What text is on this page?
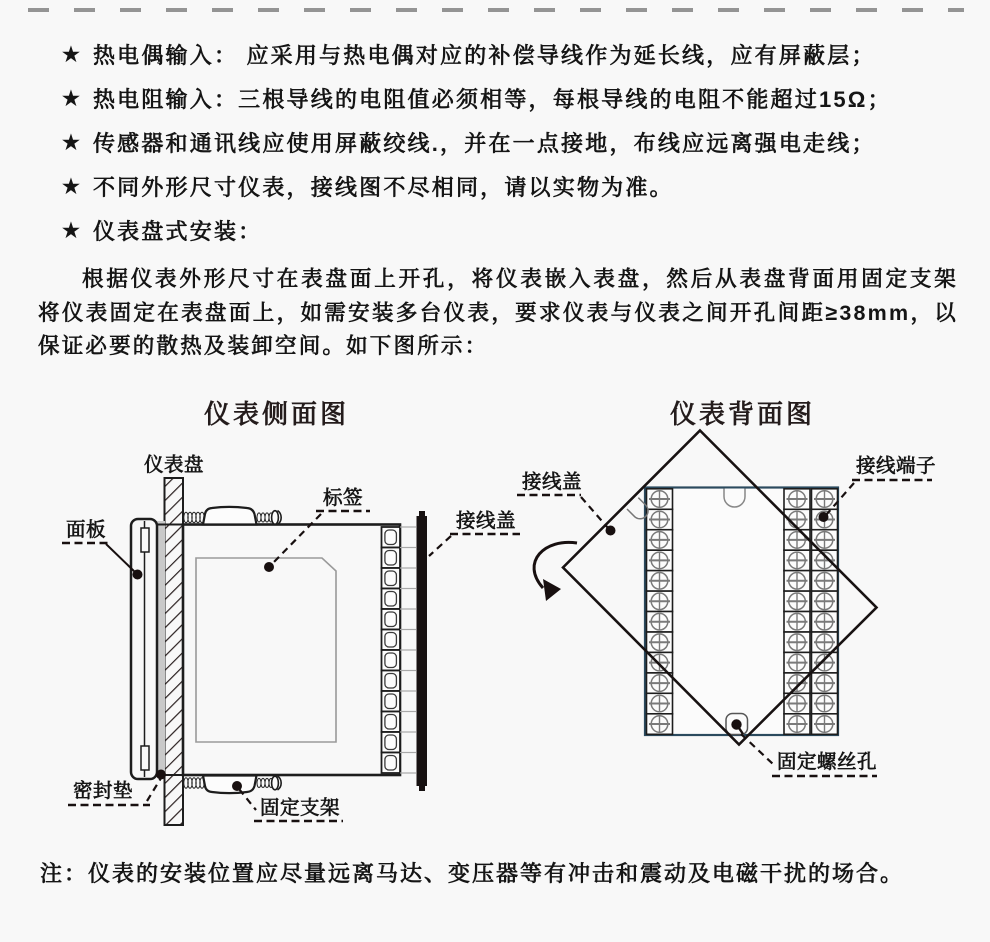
★ 热电偶输入： 应采用与热电偶对应的补偿导线作为延长线，应有屏蔽层；
★ 热电阻输入：三根导线的电阻值必须相等，每根导线的电阻不能超过15Ω；
★ 传感器和通讯线应使用屏蔽绞线.，并在一点接地，布线应远离强电走线；
★ 不同外形尺寸仪表，接线图不尽相同，请以实物为准。
★ 仪表盘式安装：
根据仪表外形尺寸在表盘面上开孔，将仪表嵌入表盘，然后从表盘背面用固定支架将仪表固定在表盘面上，如需安装多台仪表，要求仪表与仪表之间开孔间距≥38mm，以保证必要的散热及装卸空间。如下图所示：
仪表侧面图	仪表背面图
仪表盘
面板
标签
接线盖
密封垫
固定支架
接线盖
接线端子
固定螺丝孔
注：仪表的安装位置应尽量远离马达、变压器等有冲击和震动及电磁干扰的场合。
